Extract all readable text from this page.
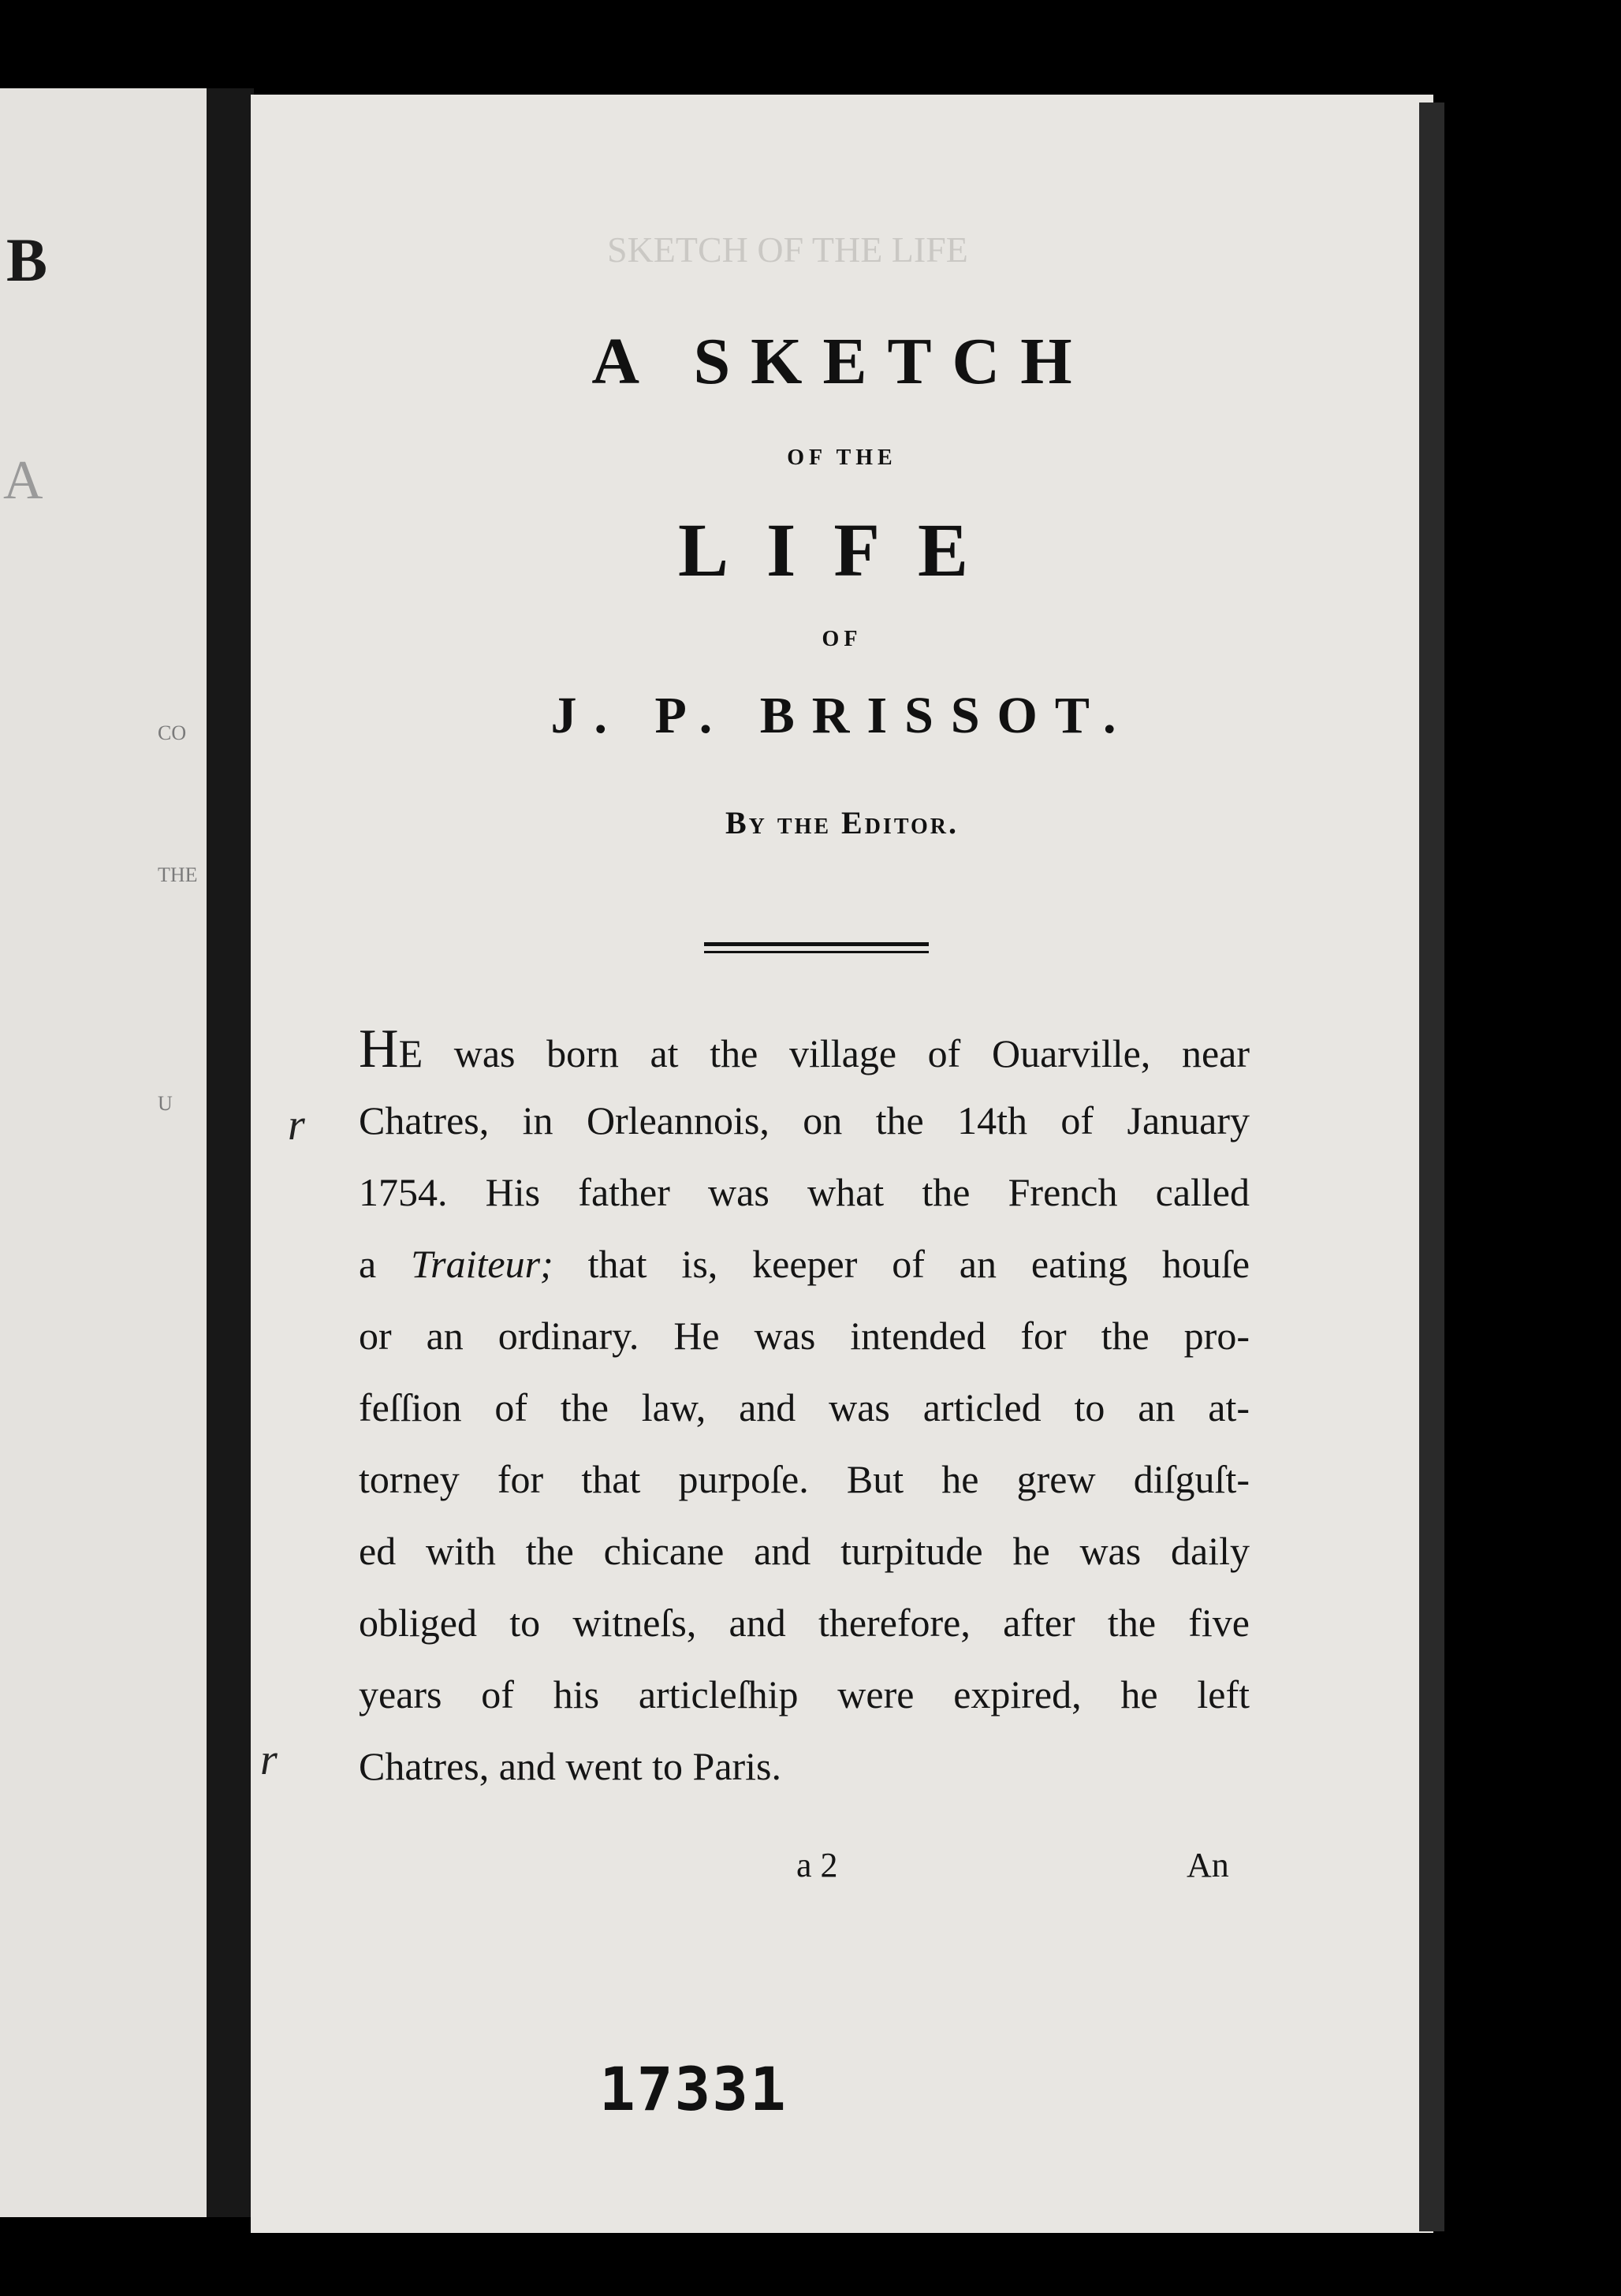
B
A
CO
THE
U
SKETCH OF THE LIFE
A SKETCH
OF THE
LIFE
OF
J. P. BRISSOT.
By the Editor.
HE was born at the village of Ouarville, near
Chatres, in Orleannois, on the 14th of January
1754. His father was what the French called
a Traiteur; that is, keeper of an eating houſe
or an ordinary. He was intended for the pro-
feſſion of the law, and was articled to an at-
torney for that purpoſe. But he grew diſguſt-
ed with the chicane and turpitude he was daily
obliged to witneſs, and therefore, after the five
years of his articleſhip were expired, he left
Chatres, and went to Paris.
a 2	An
r
r
17331
